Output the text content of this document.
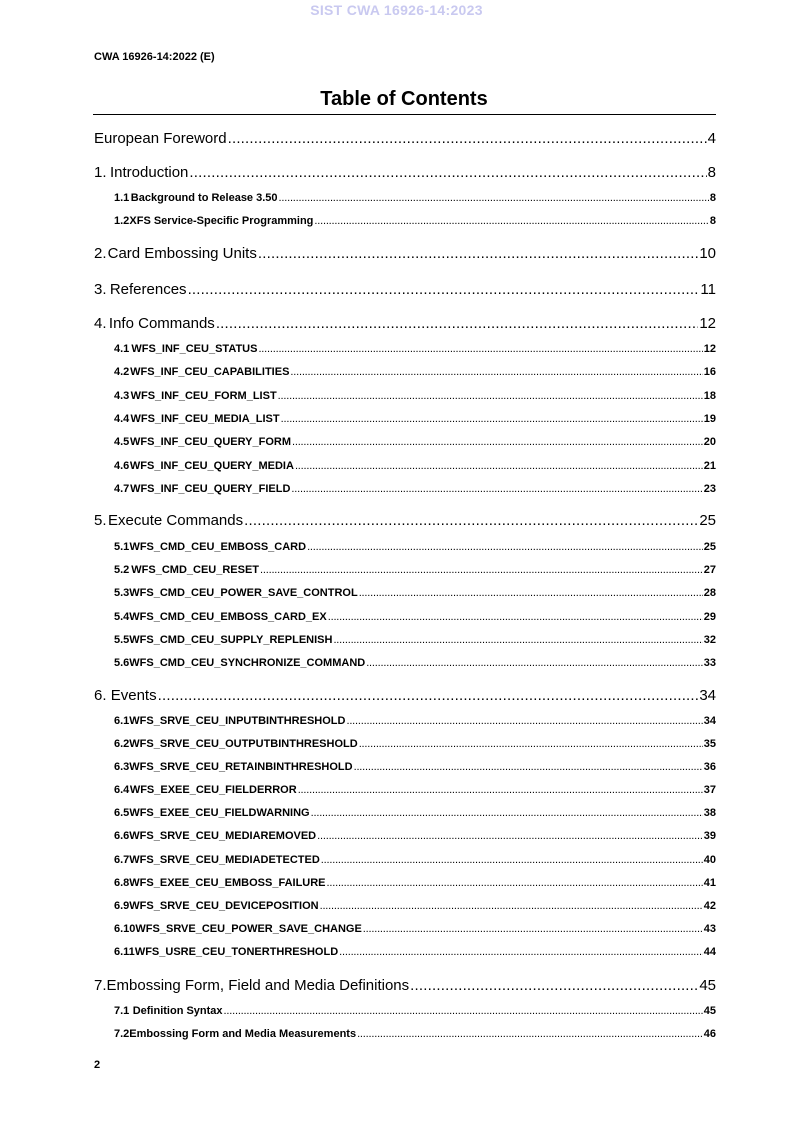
SIST CWA 16926-14:2023
CWA 16926-14:2022 (E)
Table of Contents
European Foreword .....	4
1. Introduction .....	8
1.1 Background to Release 3.50 .....	8
1.2 XFS Service-Specific Programming .....	8
2. Card Embossing Units .....	10
3. References .....	11
4. Info Commands .....	12
4.1 WFS_INF_CEU_STATUS .....	12
4.2 WFS_INF_CEU_CAPABILITIES .....	16
4.3 WFS_INF_CEU_FORM_LIST .....	18
4.4 WFS_INF_CEU_MEDIA_LIST .....	19
4.5 WFS_INF_CEU_QUERY_FORM .....	20
4.6 WFS_INF_CEU_QUERY_MEDIA .....	21
4.7 WFS_INF_CEU_QUERY_FIELD .....	23
5. Execute Commands .....	25
5.1 WFS_CMD_CEU_EMBOSS_CARD .....	25
5.2 WFS_CMD_CEU_RESET .....	27
5.3 WFS_CMD_CEU_POWER_SAVE_CONTROL .....	28
5.4 WFS_CMD_CEU_EMBOSS_CARD_EX .....	29
5.5 WFS_CMD_CEU_SUPPLY_REPLENISH .....	32
5.6 WFS_CMD_CEU_SYNCHRONIZE_COMMAND .....	33
6. Events .....	34
6.1 WFS_SRVE_CEU_INPUTBINTHRESHOLD .....	34
6.2 WFS_SRVE_CEU_OUTPUTBINTHRESHOLD .....	35
6.3 WFS_SRVE_CEU_RETAINBINTHRESHOLD .....	36
6.4 WFS_EXEE_CEU_FIELDERROR .....	37
6.5 WFS_EXEE_CEU_FIELDWARNING .....	38
6.6 WFS_SRVE_CEU_MEDIAREMOVED .....	39
6.7 WFS_SRVE_CEU_MEDIADETECTED .....	40
6.8 WFS_EXEE_CEU_EMBOSS_FAILURE .....	41
6.9 WFS_SRVE_CEU_DEVICEPOSITION .....	42
6.10 WFS_SRVE_CEU_POWER_SAVE_CHANGE .....	43
6.11 WFS_USRE_CEU_TONERTHRESHOLD .....	44
7. Embossing Form, Field and Media Definitions .....	45
7.1 Definition Syntax .....	45
7.2 Embossing Form and Media Measurements .....	46
2
